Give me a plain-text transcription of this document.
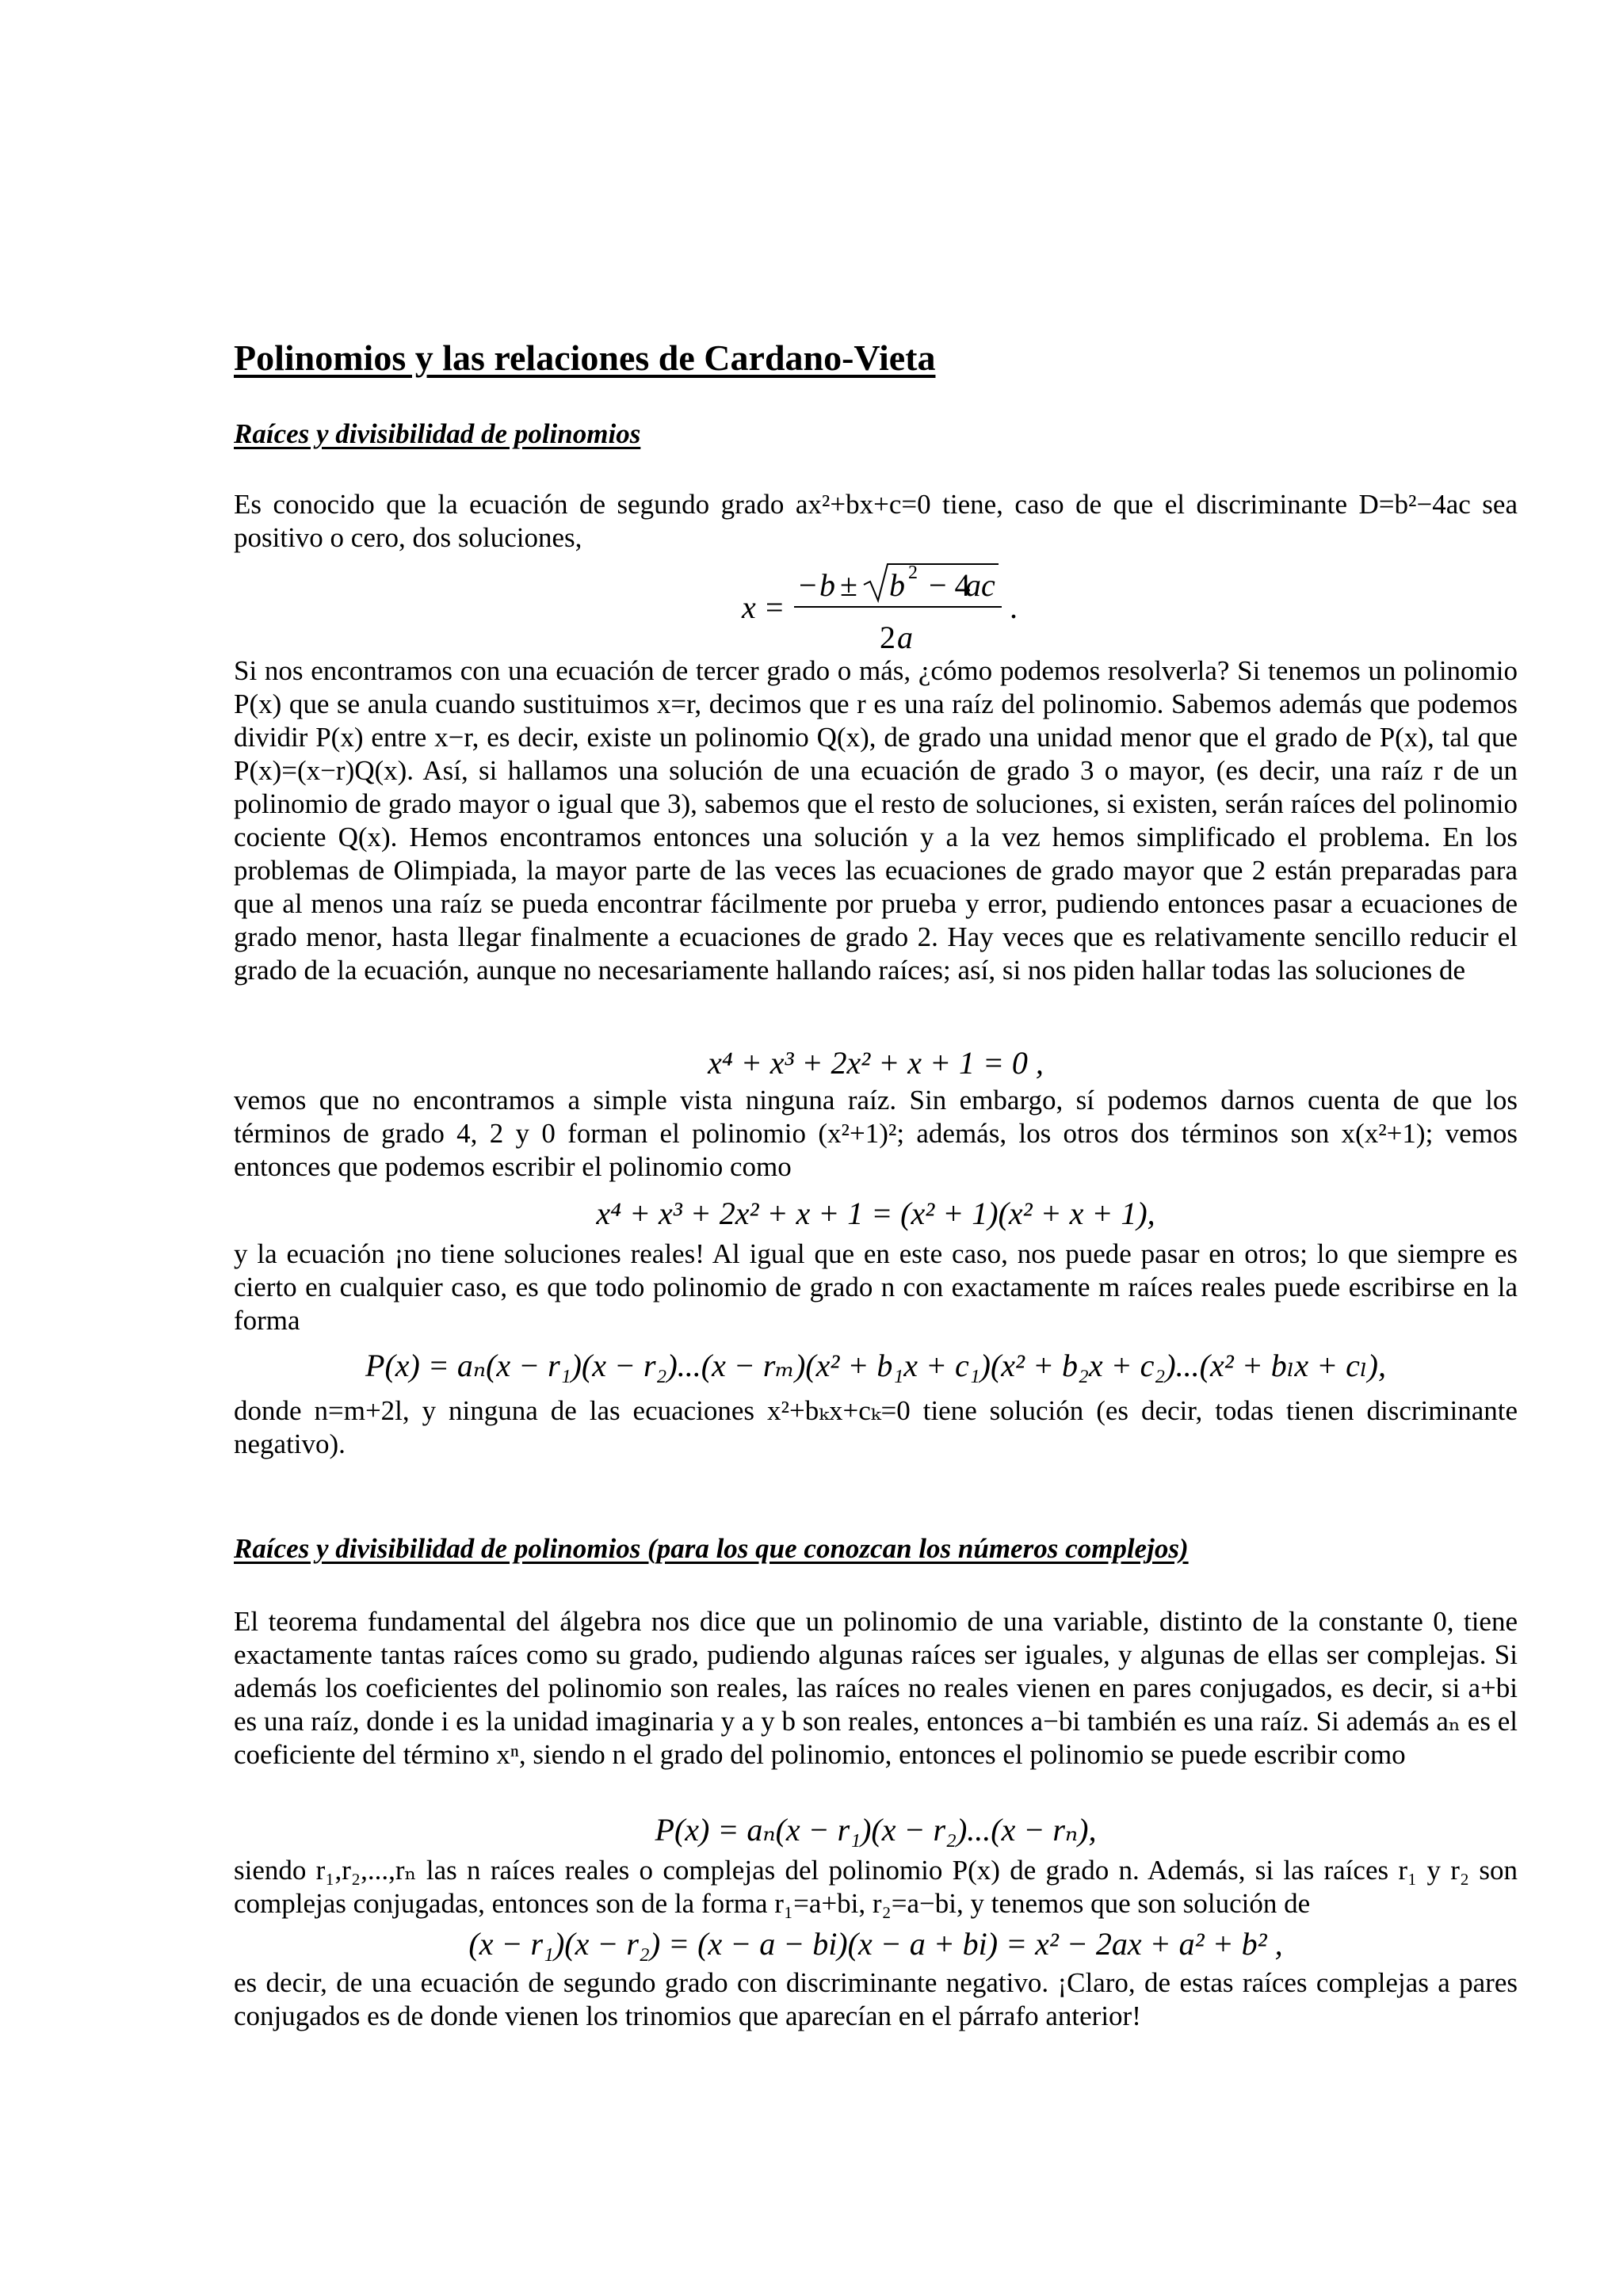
Polinomios y las relaciones de Cardano-Vieta
Raíces y divisibilidad de polinomios

Es conocido que la ecuación de segundo grado ax²+bx+c=0 tiene, caso de que el discriminante D=b²−4ac sea positivo o cero, dos soluciones,

x =
− b ± b 2 − 4
ac
2 a
.

Si nos encontramos con una ecuación de tercer grado o más, ¿cómo podemos resolverla? Si tenemos un polinomio P(x) que se anula cuando sustituimos x=r, decimos que r es una raíz del polinomio. Sabemos además que podemos dividir P(x) entre x−r, es decir, existe un polinomio Q(x), de grado una unidad menor que el grado de P(x), tal que P(x)=(x−r)Q(x). Así, si hallamos una solución de una ecuación de grado 3 o mayor, (es decir, una raíz r de un polinomio de grado mayor o igual que 3), sabemos que el resto de soluciones, si existen, serán raíces del polinomio cociente Q(x). Hemos encontramos entonces una solución y a la vez hemos simplificado el problema. En los problemas de Olimpiada, la mayor parte de las veces las ecuaciones de grado mayor que 2 están preparadas para que al menos una raíz se pueda encontrar fácilmente por prueba y error, pudiendo entonces pasar a ecuaciones de grado menor, hasta llegar finalmente a ecuaciones de grado 2. Hay veces que es relativamente sencillo reducir el grado de la ecuación, aunque no necesariamente hallando raíces; así, si nos piden hallar todas las soluciones de

x⁴ + x³ + 2x² + x + 1 = 0 ,

vemos que no encontramos a simple vista ninguna raíz. Sin embargo, sí podemos darnos cuenta de que los términos de grado 4, 2 y 0 forman el polinomio (x²+1)²; además, los otros dos términos son x(x²+1); vemos entonces que podemos escribir el polinomio como

x⁴ + x³ + 2x² + x + 1 = (x² + 1)(x² + x + 1),

y la ecuación ¡no tiene soluciones reales! Al igual que en este caso, nos puede pasar en otros; lo que siempre es cierto en cualquier caso, es que todo polinomio de grado n con exactamente m raíces reales puede escribirse en la forma

P(x) = aₙ(x − r₁)(x − r₂)...(x − rₘ)(x² + b₁x + c₁)(x² + b₂x + c₂)...(x² + bₗx + cₗ),

donde n=m+2l, y ninguna de las ecuaciones x²+bₖx+cₖ=0 tiene solución (es decir, todas tienen discriminante negativo).

Raíces y divisibilidad de polinomios (para los que conozcan los números complejos)

El teorema fundamental del álgebra nos dice que un polinomio de una variable, distinto de la constante 0, tiene exactamente tantas raíces como su grado, pudiendo algunas raíces ser iguales, y algunas de ellas ser complejas. Si además los coeficientes del polinomio son reales, las raíces no reales vienen en pares conjugados, es decir, si a+bi es una raíz, donde i es la unidad imaginaria y a y b son reales, entonces a−bi también es una raíz. Si además aₙ es el coeficiente del término xⁿ, siendo n el grado del polinomio, entonces el polinomio se puede escribir como

P(x) = aₙ(x − r₁)(x − r₂)...(x − rₙ),

siendo r₁,r₂,...,rₙ las n raíces reales o complejas del polinomio P(x) de grado n. Además, si las raíces r₁ y r₂ son complejas conjugadas, entonces son de la forma r₁=a+bi, r₂=a−bi, y tenemos que son solución de

(x − r₁)(x − r₂) = (x − a − bi)(x − a + bi) = x² − 2ax + a² + b² ,

es decir, de una ecuación de segundo grado con discriminante negativo. ¡Claro, de estas raíces complejas a pares conjugados es de donde vienen los trinomios que aparecían en el párrafo anterior!
